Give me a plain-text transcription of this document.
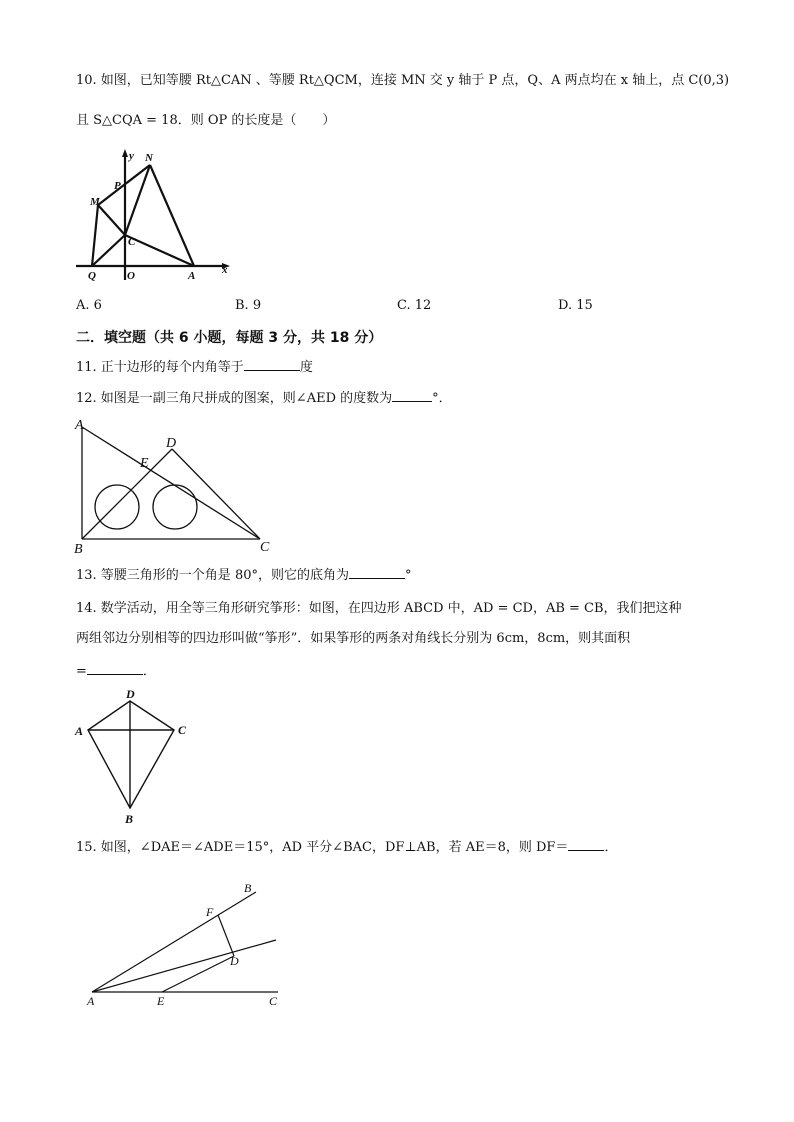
10. 如图，已知等腰 Rt△CAN 、等腰 Rt△QCM，连接 MN 交 y 轴于 P 点，Q、A 两点均在 x 轴上，点 C(0,3)
且 S△CQA = 18．则 OP 的长度是（　　）
y
x
N
P
M
C
Q	O	A
A. 6	B. 9	C. 12	D. 15
二．填空题（共 6 小题，每题 3 分，共 18 分）
11. 正十边形的每个内角等于	度
12. 如图是一副三角尺拼成的图案，则∠AED 的度数为	°．
A
D
E
B	C
13. 等腰三角形的一个角是 80°，则它的底角为	°
14. 数学活动，用全等三角形研究筝形：如图，在四边形 ABCD 中，AD = CD，AB = CB，我们把这种
两组邻边分别相等的四边形叫做“筝形”．如果筝形的两条对角线长分别为 6cm，8cm，则其面积
=	．
D
A	C
B
15. 如图，∠DAE＝∠ADE＝15°，AD 平分∠BAC，DF⊥AB，若 AE＝8，则 DF＝	．
B
F
D
A	E	C
